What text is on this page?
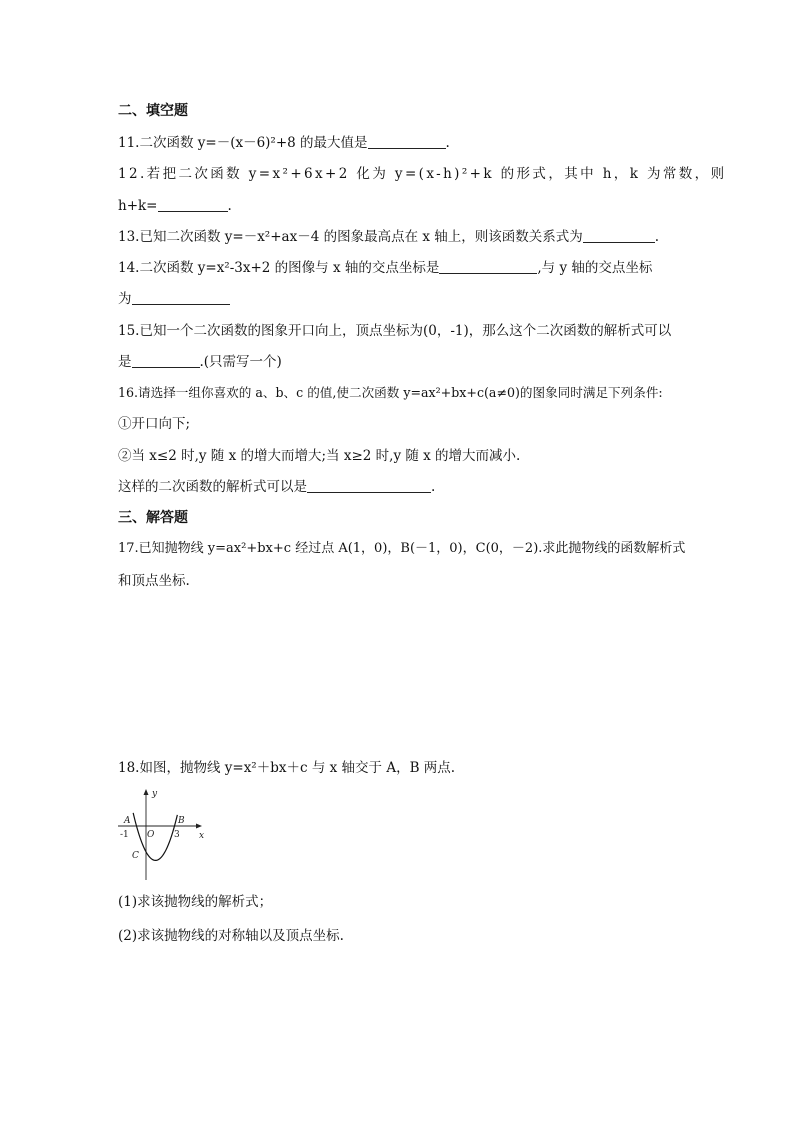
二、填空题
11.二次函数 y=－(x－6)²+8 的最大值是	.
12.若把二次函数 y=x²+6x+2 化为 y=(x-h)²+k 的形式，其中 h，k 为常数，则
h+k=	.
13.已知二次函数 y=－x²+ax－4 的图象最高点在 x 轴上，则该函数关系式为	.
14.二次函数 y=x²-3x+2 的图像与 x 轴的交点坐标是	,与 y 轴的交点坐标
为
15.已知一个二次函数的图象开口向上，顶点坐标为(0，-1)，那么这个二次函数的解析式可以
是	.(只需写一个)
16.请选择一组你喜欢的 a、b、c 的值,使二次函数 y=ax²+bx+c(a≠0)的图象同时满足下列条件:
①开口向下;
②当 x≤2 时,y 随 x 的增大而增大;当 x≥2 时,y 随 x 的增大而减小.
这样的二次函数的解析式可以是	.
三、解答题
17.已知抛物线 y=ax²+bx+c 经过点 A(1，0)，B(－1，0)，C(0，－2).求此抛物线的函数解析式
和顶点坐标.
18.如图，抛物线 y=x²＋bx＋c 与 x 轴交于 A，B 两点.
y
x
O
A	B
C
-1	3
(1)求该抛物线的解析式；
(2)求该抛物线的对称轴以及顶点坐标.
